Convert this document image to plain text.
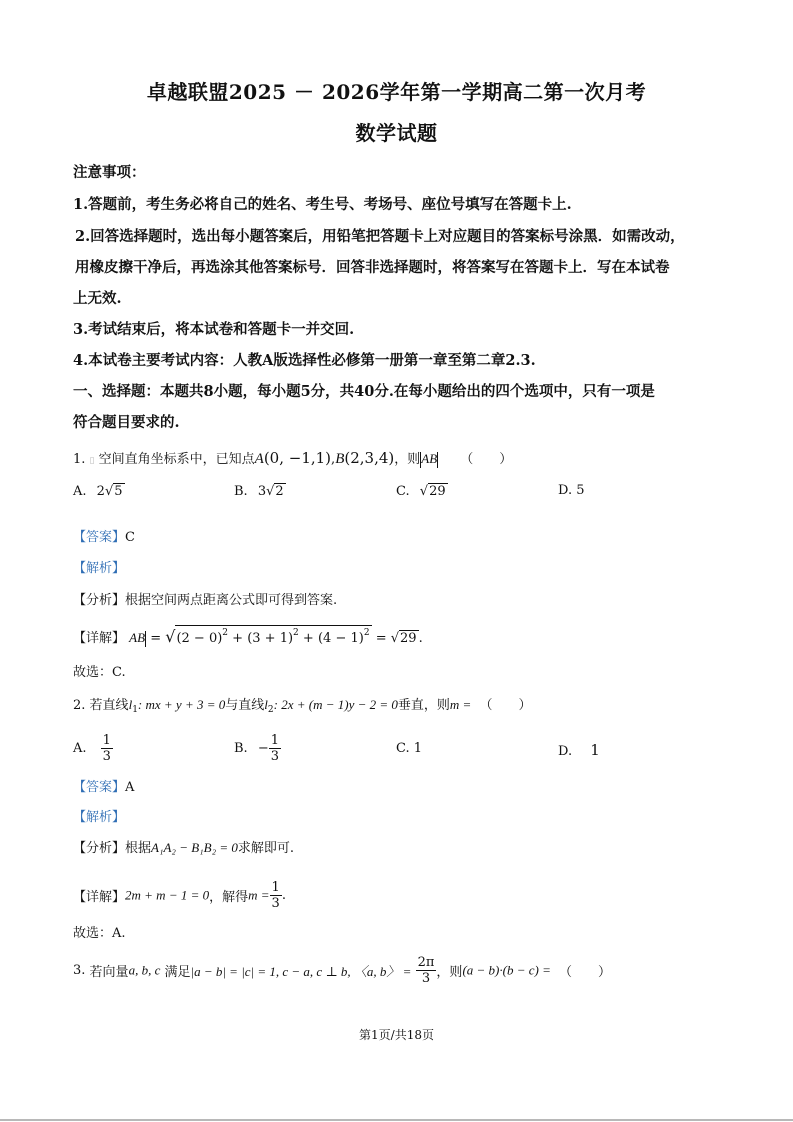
卓越联盟2025 － 2026学年第一学期高二第一次月考
数学试题
注意事项：
1.答题前，考生务必将自己的姓名、考生号、考场号、座位号填写在答题卡上.
2.回答选择题时，选出每小题答案后，用铅笔把答题卡上对应题目的答案标号涂黑．如需改动，
用橡皮擦干净后，再选涂其他答案标号．回答非选择题时，将答案写在答题卡上．写在本试卷
上无效.
3.考试结束后，将本试卷和答题卡一并交回.
4.本试卷主要考试内容：人教A版选择性必修第一册第一章至第二章2.3.
一、选择题：本题共8小题，每小题5分，共40分.在每小题给出的四个选项中，只有一项是
符合题目要求的.
1. ▯ 空间直角坐标系中，已知点A(0, −1,1),B(2,3,4)，则AB （　　）
A. 2√5	B. 3√2	C. √29	D. 5
【答案】C
【解析】
【分析】根据空间两点距离公式即可得到答案.
【详解】 AB = $√(2 - 0)^2 + (3 + 1)^2 + (4 - 1)^2 = √29$ .
故选：C.
2. 若直线$l_1$: mx + y + 3 = 0与直线$l_2$: 2x + (m − 1)y − 2 = 0垂直，则m = （　　）
A. $\frac{1}{3}$	B. − $\frac{1}{3}$	C. 1	D. 1
【答案】A
【解析】
【分析】根据A₁A₂ − B₁B₂ = 0求解即可.
【详解】2m + m − 1 = 0，解得$m = \frac{1}{3}$ .
故选：A.
3. 若向量a, b, c 满足|a − b| = |c| = 1, c − a, c ⊥ b, 〈a, b〉 = $\frac{2\pi}{3}$ ，则(a − b)·(b − c) = （　　）
第1页/共18页
